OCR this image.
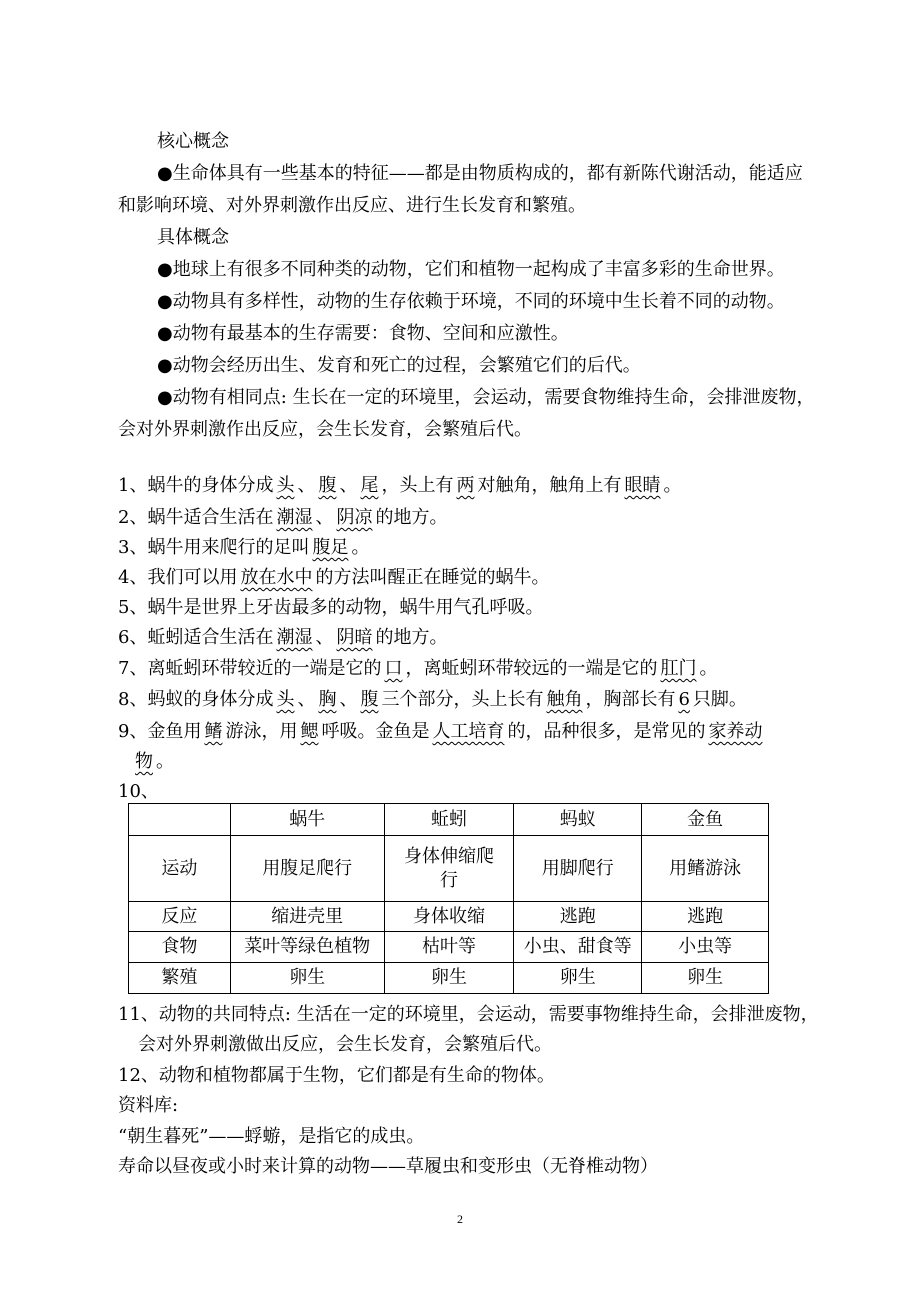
核心概念
●生命体具有一些基本的特征——都是由物质构成的，都有新陈代谢活动，能适应
和影响环境、对外界刺激作出反应、进行生长发育和繁殖。
具体概念
●地球上有很多不同种类的动物，它们和植物一起构成了丰富多彩的生命世界。
●动物具有多样性，动物的生存依赖于环境，不同的环境中生长着不同的动物。
●动物有最基本的生存需要：食物、空间和应激性。
●动物会经历出生、发育和死亡的过程，会繁殖它们的后代。
●动物有相同点: 生长在一定的环境里，会运动，需要食物维持生命，会排泄废物，
会对外界刺激作出反应，会生长发育，会繁殖后代。
1、蜗牛的身体分成 头 、 腹 、 尾 ，头上有 两 对触角，触角上有 眼睛 。
2、蜗牛适合生活在 潮湿 、 阴凉 的地方。
3、蜗牛用来爬行的足叫 腹足 。
4、我们可以用 放在水中 的方法叫醒正在睡觉的蜗牛。
5、蜗牛是世界上牙齿最多的动物，蜗牛用气孔呼吸。
6、蚯蚓适合生活在 潮湿 、 阴暗 的地方。
7、离蚯蚓环带较近的一端是它的 口 ，离蚯蚓环带较远的一端是它的 肛门 。
8、蚂蚁的身体分成 头 、 胸 、 腹 三个部分，头上长有 触角 ，胸部长有 6 只脚。
9、金鱼用 鳍 游泳，用 鳃 呼吸。金鱼是 人工培育 的，品种很多，是常见的 家养动
物 。
10、
	蜗牛	蚯蚓	蚂蚁	金鱼
运动	用腹足爬行	身体伸缩爬行	用脚爬行	用鳍游泳
反应	缩进壳里	身体收缩	逃跑	逃跑
食物	菜叶等绿色植物	枯叶等	小虫、甜食等	小虫等
繁殖	卵生	卵生	卵生	卵生
11、动物的共同特点: 生活在一定的环境里，会运动，需要事物维持生命，会排泄废物，
会对外界刺激做出反应，会生长发育，会繁殖后代。
12、动物和植物都属于生物，它们都是有生命的物体。
资料库:
“朝生暮死”——蜉蝣，是指它的成虫。
寿命以昼夜或小时来计算的动物——草履虫和变形虫（无脊椎动物）
2
